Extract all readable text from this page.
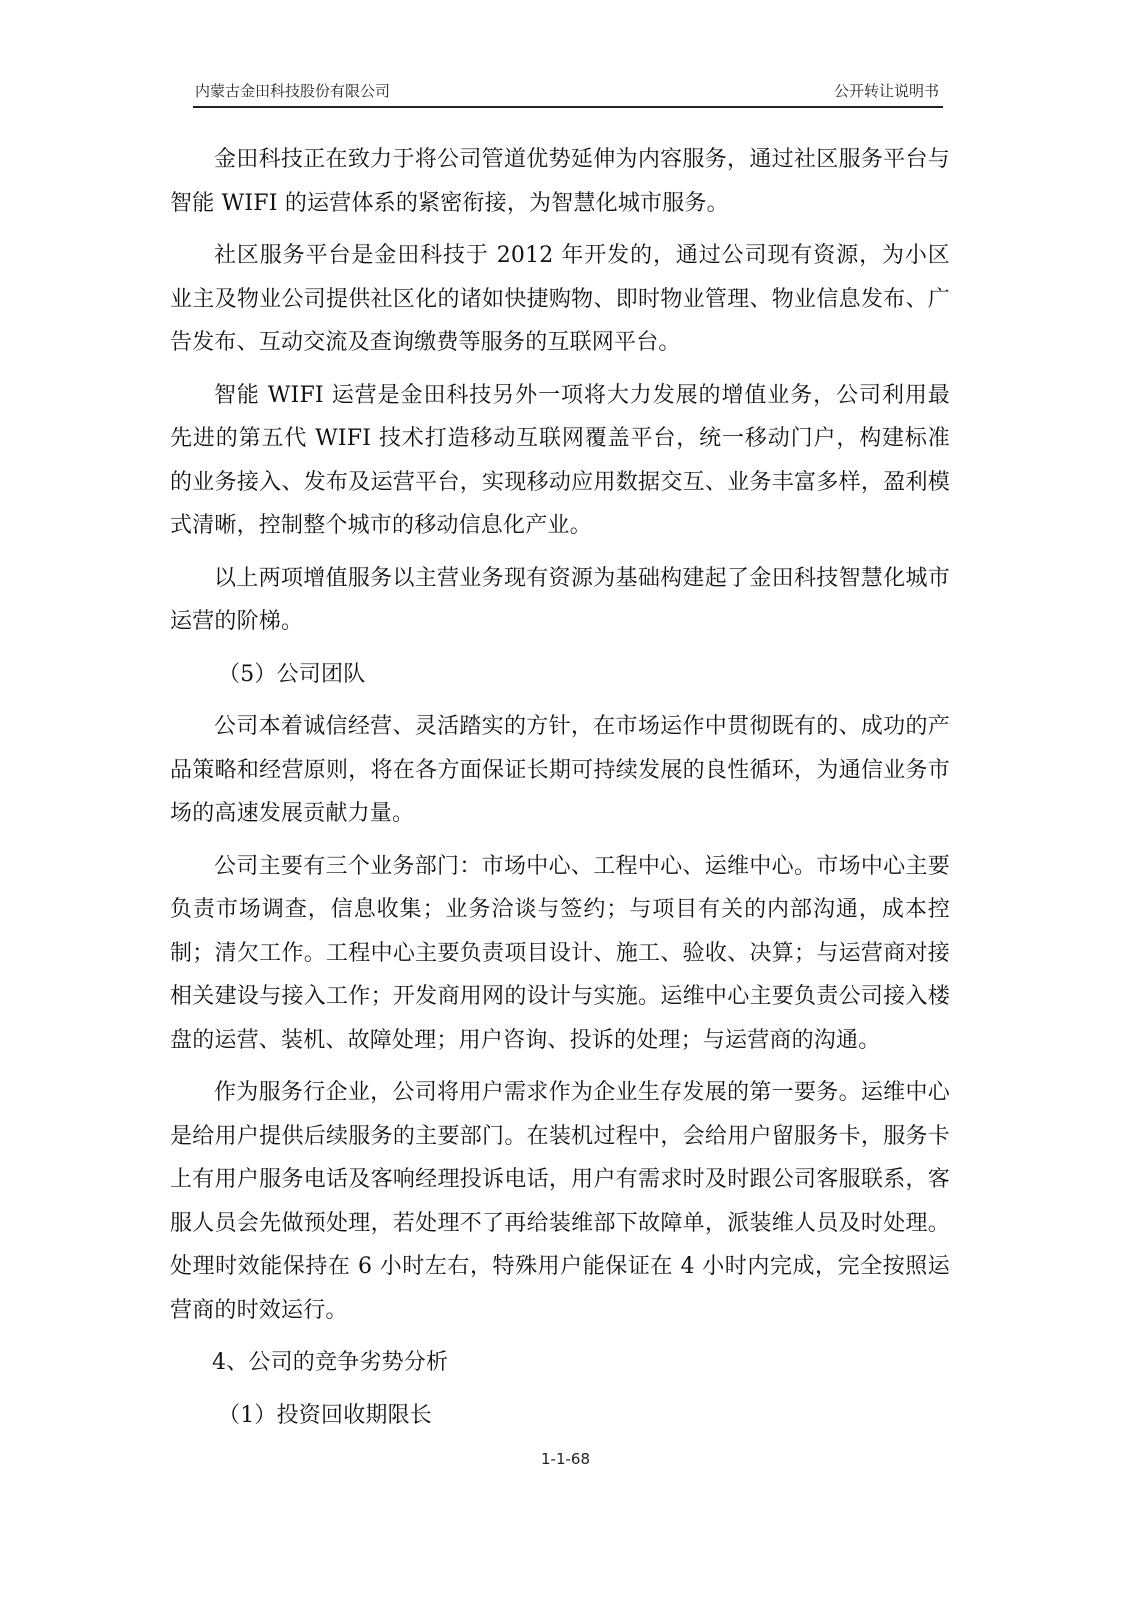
内蒙古金田科技股份有限公司	公开转让说明书

金田科技正在致力于将公司管道优势延伸为内容服务，通过社区服务平台与智能 WIFI 的运营体系的紧密衔接，为智慧化城市服务。

社区服务平台是金田科技于 2012 年开发的，通过公司现有资源，为小区业主及物业公司提供社区化的诸如快捷购物、即时物业管理、物业信息发布、广告发布、互动交流及查询缴费等服务的互联网平台。

智能 WIFI 运营是金田科技另外一项将大力发展的增值业务，公司利用最先进的第五代 WIFI 技术打造移动互联网覆盖平台，统一移动门户，构建标准的业务接入、发布及运营平台，实现移动应用数据交互、业务丰富多样，盈利模式清晰，控制整个城市的移动信息化产业。

以上两项增值服务以主营业务现有资源为基础构建起了金田科技智慧化城市运营的阶梯。

（5）公司团队

公司本着诚信经营、灵活踏实的方针，在市场运作中贯彻既有的、成功的产品策略和经营原则，将在各方面保证长期可持续发展的良性循环，为通信业务市场的高速发展贡献力量。

公司主要有三个业务部门：市场中心、工程中心、运维中心。市场中心主要负责市场调查，信息收集；业务洽谈与签约；与项目有关的内部沟通，成本控制；清欠工作。工程中心主要负责项目设计、施工、验收、决算；与运营商对接相关建设与接入工作；开发商用网的设计与实施。运维中心主要负责公司接入楼盘的运营、装机、故障处理；用户咨询、投诉的处理；与运营商的沟通。

作为服务行企业，公司将用户需求作为企业生存发展的第一要务。运维中心是给用户提供后续服务的主要部门。在装机过程中，会给用户留服务卡，服务卡上有用户服务电话及客响经理投诉电话，用户有需求时及时跟公司客服联系，客服人员会先做预处理，若处理不了再给装维部下故障单，派装维人员及时处理。处理时效能保持在 6 小时左右，特殊用户能保证在 4 小时内完成，完全按照运营商的时效运行。

4、公司的竞争劣势分析

（1）投资回收期限长

1-1-68
